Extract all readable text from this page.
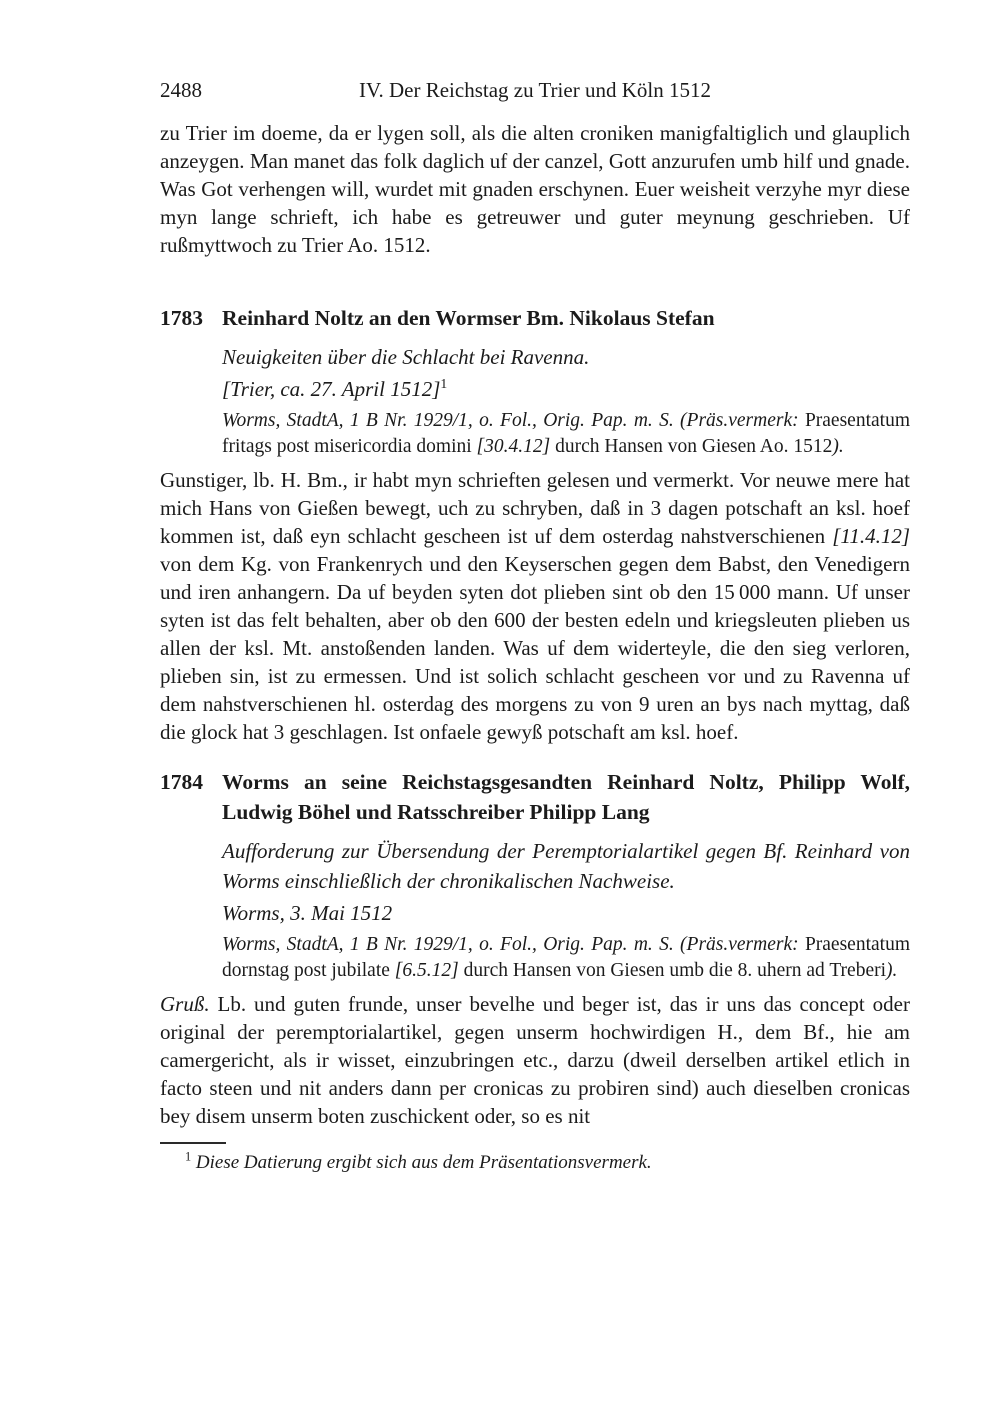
2488	IV. Der Reichstag zu Trier und Köln 1512

zu Trier im doeme, da er lygen soll, als die alten croniken manigfaltiglich und glauplich anzeygen. Man manet das folk daglich uf der canzel, Gott anzurufen umb hilf und gnade. Was Got verhengen will, wurdet mit gnaden erschynen. Euer weisheit verzyhe myr diese myn lange schrieft, ich habe es getreuwer und guter meynung geschrieben. Uf rußmyttwoch zu Trier Ao. 1512.

1783 Reinhard Noltz an den Wormser Bm. Nikolaus Stefan

Neuigkeiten über die Schlacht bei Ravenna.

[Trier, ca. 27. April 1512]$^1$

Worms, StadtA, 1 B Nr. 1929/1, o. Fol., Orig. Pap. m. S. (Präs.vermerk: Praesentatum fritags post misericordia domini [30.4.12] durch Hansen von Giesen Ao. 1512).

Gunstiger, lb. H. Bm., ir habt myn schrieften gelesen und vermerkt. Vor neuwe mere hat mich Hans von Gießen bewegt, uch zu schryben, daß in 3 dagen potschaft an ksl. hoef kommen ist, daß eyn schlacht gescheen ist uf dem osterdag nahstverschienen [11.4.12] von dem Kg. von Frankenrych und den Keyserschen gegen dem Babst, den Venedigern und iren anhangern. Da uf beyden syten dot plieben sint ob den 15 000 mann. Uf unser syten ist das felt behalten, aber ob den 600 der besten edeln und kriegsleuten plieben us allen der ksl. Mt. anstoßenden landen. Was uf dem widerteyle, die den sieg verloren, plieben sin, ist zu ermessen. Und ist solich schlacht gescheen vor und zu Ravenna uf dem nahstverschienen hl. osterdag des morgens zu von 9 uren an bys nach myttag, daß die glock hat 3 geschlagen. Ist onfaele gewyß potschaft am ksl. hoef.

1784 Worms an seine Reichstagsgesandten Reinhard Noltz, Philipp Wolf, Ludwig Böhel und Ratsschreiber Philipp Lang

Aufforderung zur Übersendung der Peremptorialartikel gegen Bf. Reinhard von Worms einschließlich der chronikalischen Nachweise.

Worms, 3. Mai 1512

Worms, StadtA, 1 B Nr. 1929/1, o. Fol., Orig. Pap. m. S. (Präs.vermerk: Praesentatum dornstag post jubilate [6.5.12] durch Hansen von Giesen umb die 8. uhern ad Treberi).

Gruß. Lb. und guten frunde, unser bevelhe und beger ist, das ir uns das concept oder original der peremptorialartikel, gegen unserm hochwirdigen H., dem Bf., hie am camergericht, als ir wisset, einzubringen etc., darzu (dweil derselben artikel etlich in facto steen und nit anders dann per cronicas zu probiren sind) auch dieselben cronicas bey disem unserm boten zuschickent oder, so es nit

$^1$ Diese Datierung ergibt sich aus dem Präsentationsvermerk.
